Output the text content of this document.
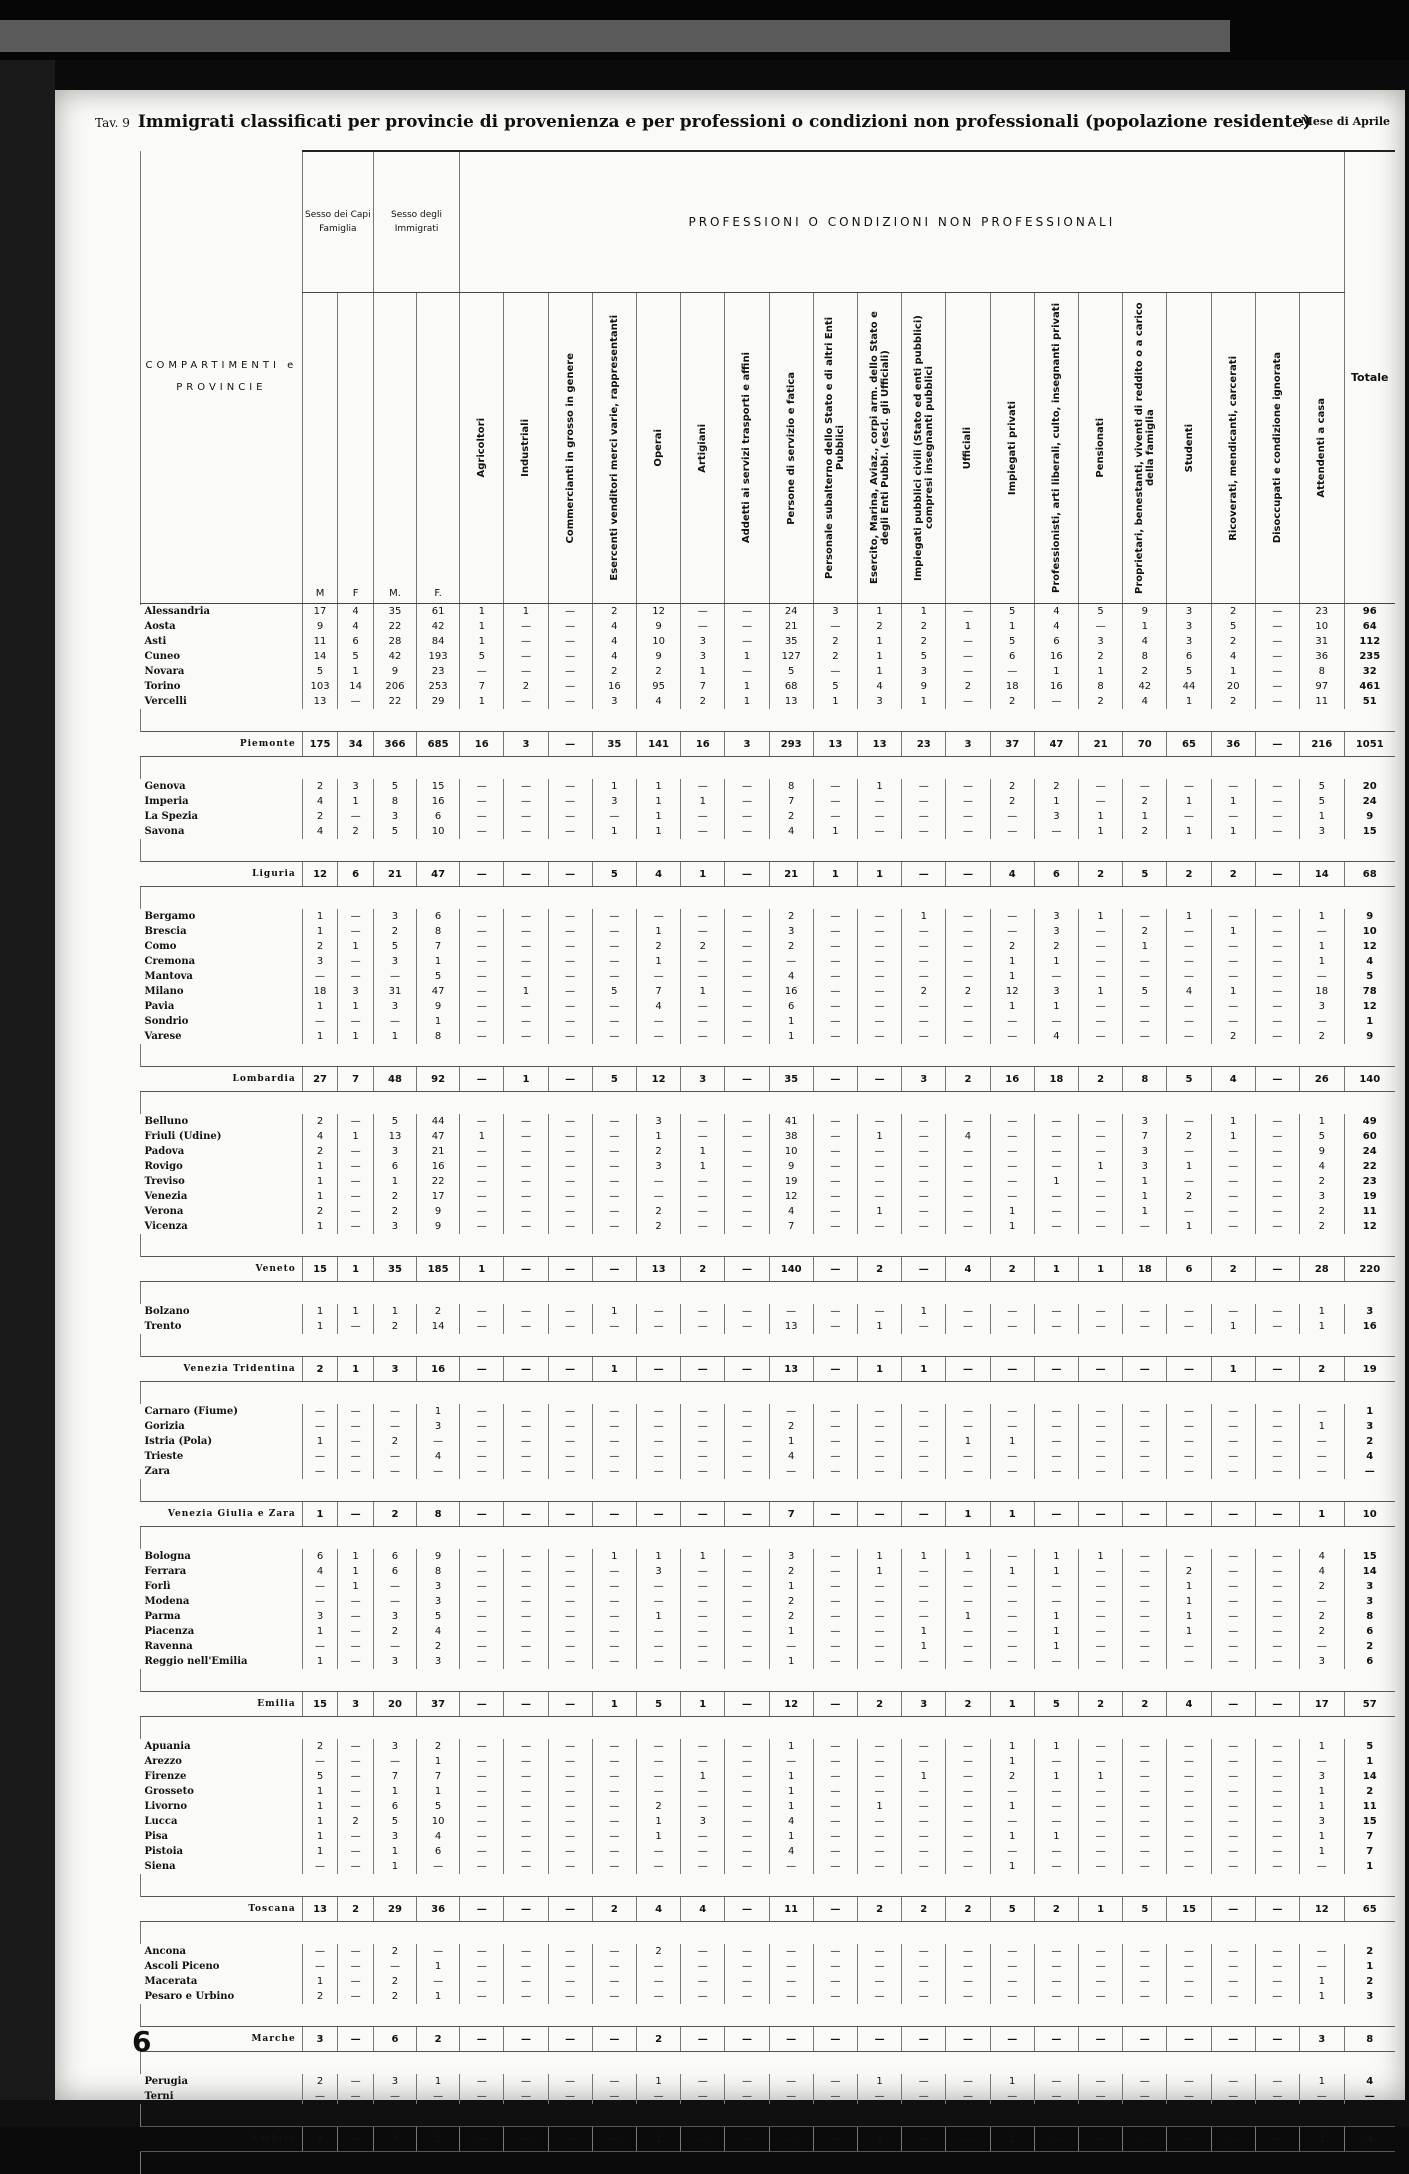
Tav. 9 Immigrati classificati per provincie di provenienza e per professioni o condizioni non professionali (popolazione residente)
Mese di Aprile
COMPARTIMENTI e PROVINCIE	Sesso dei Capi Famiglia		Sesso degli Immigrati		PROFESSIONI O CONDIZIONI NON PROFESSIONALI																				Totale
	M	F	M.	F.	Agricoltori	Industriali	Commercianti in grosso in genere	Esercenti venditori merci varie, rappresentanti	Operai	Artigiani	Addetti ai servizi trasporti e affini	Persone di servizio e fatica	Personale subalterno dello Stato e di altri Enti Pubblici	Esercito, Marina, Aviaz., corpi arm. dello Stato e degli Enti Pubbl. (escl. gli Ufficiali)	Impiegati pubblici civili (Stato ed enti pubblici) compresi insegnanti pubblici	Ufficiali	Impiegati privati	Professionisti, arti liberali, culto, insegnanti privati	Pensionati	Proprietari, benestanti, viventi di reddito o a carico della famiglia	Studenti	Ricoverati, mendicanti, carcerati	Disoccupati e condizione ignorata	Attendenti a casa	

Alessandria	17	4	35	61	1	1	—	2	12	—	—	24	3	1	1	—	5	4	5	9	3	2	—	23	96
Aosta	9	4	22	42	1	—	—	4	9	—	—	21	—	2	2	1	1	4	—	1	3	5	—	10	64
Asti	11	6	28	84	1	—	—	4	10	3	—	35	2	1	2	—	5	6	3	4	3	2	—	31	112
Cuneo	14	5	42	193	5	—	—	4	9	3	1	127	2	1	5	—	6	16	2	8	6	4	—	36	235
Novara	5	1	9	23	—	—	—	2	2	1	—	5	—	1	3	—	—	1	1	2	5	1	—	8	32
Torino	103	14	206	253	7	2	—	16	95	7	1	68	5	4	9	2	18	16	8	42	44	20	—	97	461
Vercelli	13	—	22	29	1	—	—	3	4	2	1	13	1	3	1	—	2	—	2	4	1	2	—	11	51

Piemonte	175	34	366	685	16	3	—	35	141	16	3	293	13	13	23	3	37	47	21	70	65	36	—	216	1051

Genova	2	3	5	15	—	—	—	1	1	—	—	8	—	1	—	—	2	2	—	—	—	—	—	5	20
Imperia	4	1	8	16	—	—	—	3	1	1	—	7	—	—	—	—	2	1	—	2	1	1	—	5	24
La Spezia	2	—	3	6	—	—	—	—	1	—	—	2	—	—	—	—	—	3	1	1	—	—	—	1	9
Savona	4	2	5	10	—	—	—	1	1	—	—	4	1	—	—	—	—	—	1	2	1	1	—	3	15

Liguria	12	6	21	47	—	—	—	5	4	1	—	21	1	1	—	—	4	6	2	5	2	2	—	14	68

Bergamo	1	—	3	6	—	—	—	—	—	—	—	2	—	—	1	—	—	3	1	—	1	—	—	1	9
Brescia	1	—	2	8	—	—	—	—	1	—	—	3	—	—	—	—	—	3	—	2	—	1	—	—	10
Como	2	1	5	7	—	—	—	—	2	2	—	2	—	—	—	—	2	2	—	1	—	—	—	1	12
Cremona	3	—	3	1	—	—	—	—	1	—	—	—	—	—	—	—	1	1	—	—	—	—	—	1	4
Mantova	—	—	—	5	—	—	—	—	—	—	—	4	—	—	—	—	1	—	—	—	—	—	—	—	5
Milano	18	3	31	47	—	1	—	5	7	1	—	16	—	—	2	2	12	3	1	5	4	1	—	18	78
Pavia	1	1	3	9	—	—	—	—	4	—	—	6	—	—	—	—	1	1	—	—	—	—	—	3	12
Sondrio	—	—	—	1	—	—	—	—	—	—	—	1	—	—	—	—	—	—	—	—	—	—	—	—	1
Varese	1	1	1	8	—	—	—	—	—	—	—	1	—	—	—	—	—	4	—	—	—	2	—	2	9

Lombardia	27	7	48	92	—	1	—	5	12	3	—	35	—	—	3	2	16	18	2	8	5	4	—	26	140

Belluno	2	—	5	44	—	—	—	—	3	—	—	41	—	—	—	—	—	—	—	3	—	1	—	1	49
Friuli (Udine)	4	1	13	47	1	—	—	—	1	—	—	38	—	1	—	4	—	—	—	7	2	1	—	5	60
Padova	2	—	3	21	—	—	—	—	2	1	—	10	—	—	—	—	—	—	—	3	—	—	—	9	24
Rovigo	1	—	6	16	—	—	—	—	3	1	—	9	—	—	—	—	—	—	1	3	1	—	—	4	22
Treviso	1	—	1	22	—	—	—	—	—	—	—	19	—	—	—	—	—	1	—	1	—	—	—	2	23
Venezia	1	—	2	17	—	—	—	—	—	—	—	12	—	—	—	—	—	—	—	1	2	—	—	3	19
Verona	2	—	2	9	—	—	—	—	2	—	—	4	—	1	—	—	1	—	—	1	—	—	—	2	11
Vicenza	1	—	3	9	—	—	—	—	2	—	—	7	—	—	—	—	1	—	—	—	1	—	—	2	12

Veneto	15	1	35	185	1	—	—	—	13	2	—	140	—	2	—	4	2	1	1	18	6	2	—	28	220

Bolzano	1	1	1	2	—	—	—	1	—	—	—	—	—	—	1	—	—	—	—	—	—	—	—	1	3
Trento	1	—	2	14	—	—	—	—	—	—	—	13	—	1	—	—	—	—	—	—	—	1	—	1	16

Venezia Tridentina	2	1	3	16	—	—	—	1	—	—	—	13	—	1	1	—	—	—	—	—	—	1	—	2	19

Carnaro (Fiume)	—	—	—	1	—	—	—	—	—	—	—	—	—	—	—	—	—	—	—	—	—	—	—	—	1
Gorizia	—	—	—	3	—	—	—	—	—	—	—	2	—	—	—	—	—	—	—	—	—	—	—	1	3
Istria (Pola)	1	—	2	—	—	—	—	—	—	—	—	1	—	—	—	1	1	—	—	—	—	—	—	—	2
Trieste	—	—	—	4	—	—	—	—	—	—	—	4	—	—	—	—	—	—	—	—	—	—	—	—	4
Zara	—	—	—	—	—	—	—	—	—	—	—	—	—	—	—	—	—	—	—	—	—	—	—	—	—

Venezia Giulia e Zara	1	—	2	8	—	—	—	—	—	—	—	7	—	—	—	1	1	—	—	—	—	—	—	1	10

Bologna	6	1	6	9	—	—	—	1	1	1	—	3	—	1	1	1	—	1	1	—	—	—	—	4	15
Ferrara	4	1	6	8	—	—	—	—	3	—	—	2	—	1	—	—	1	1	—	—	2	—	—	4	14
Forlì	—	1	—	3	—	—	—	—	—	—	—	1	—	—	—	—	—	—	—	—	1	—	—	2	3
Modena	—	—	—	3	—	—	—	—	—	—	—	2	—	—	—	—	—	—	—	—	1	—	—	—	3
Parma	3	—	3	5	—	—	—	—	1	—	—	2	—	—	—	1	—	1	—	—	1	—	—	2	8
Piacenza	1	—	2	4	—	—	—	—	—	—	—	1	—	—	1	—	—	1	—	—	1	—	—	2	6
Ravenna	—	—	—	2	—	—	—	—	—	—	—	—	—	—	1	—	—	1	—	—	—	—	—	—	2
Reggio nell'Emilia	1	—	3	3	—	—	—	—	—	—	—	1	—	—	—	—	—	—	—	—	—	—	—	3	6

Emilia	15	3	20	37	—	—	—	1	5	1	—	12	—	2	3	2	1	5	2	2	4	—	—	17	57

Apuania	2	—	3	2	—	—	—	—	—	—	—	1	—	—	—	—	1	1	—	—	—	—	—	1	5
Arezzo	—	—	—	1	—	—	—	—	—	—	—	—	—	—	—	—	1	—	—	—	—	—	—	—	1
Firenze	5	—	7	7	—	—	—	—	—	1	—	1	—	—	1	—	2	1	1	—	—	—	—	3	14
Grosseto	1	—	1	1	—	—	—	—	—	—	—	1	—	—	—	—	—	—	—	—	—	—	—	1	2
Livorno	1	—	6	5	—	—	—	—	2	—	—	1	—	1	—	—	1	—	—	—	—	—	—	1	11
Lucca	1	2	5	10	—	—	—	—	1	3	—	4	—	—	—	—	—	—	—	—	—	—	—	3	15
Pisa	1	—	3	4	—	—	—	—	1	—	—	1	—	—	—	—	1	1	—	—	—	—	—	1	7
Pistoia	1	—	1	6	—	—	—	—	—	—	—	4	—	—	—	—	—	—	—	—	—	—	—	1	7
Siena	—	—	1	—	—	—	—	—	—	—	—	—	—	—	—	—	1	—	—	—	—	—	—	—	1

Toscana	13	2	29	36	—	—	—	2	4	4	—	11	—	2	2	2	5	2	1	5	15	—	—	12	65

Ancona	—	—	2	—	—	—	—	—	2	—	—	—	—	—	—	—	—	—	—	—	—	—	—	—	2
Ascoli Piceno	—	—	—	1	—	—	—	—	—	—	—	—	—	—	—	—	—	—	—	—	—	—	—	—	1
Macerata	1	—	2	—	—	—	—	—	—	—	—	—	—	—	—	—	—	—	—	—	—	—	—	1	2
Pesaro e Urbino	2	—	2	1	—	—	—	—	—	—	—	—	—	—	—	—	—	—	—	—	—	—	—	1	3

Marche	3	—	6	2	—	—	—	—	2	—	—	—	—	—	—	—	—	—	—	—	—	—	—	3	8

Perugia	2	—	3	1	—	—	—	—	1	—	—	—	—	1	—	—	1	—	—	—	—	—	—	1	4
Terni	—	—	—	—	—	—	—	—	—	—	—	—	—	—	—	—	—	—	—	—	—	—	—	—	—

Umbria	2	—	3	1	—	—	—	—	1	—	—	—	—	1	—	—	1	—	—	—	—	—	—	1	4

6
